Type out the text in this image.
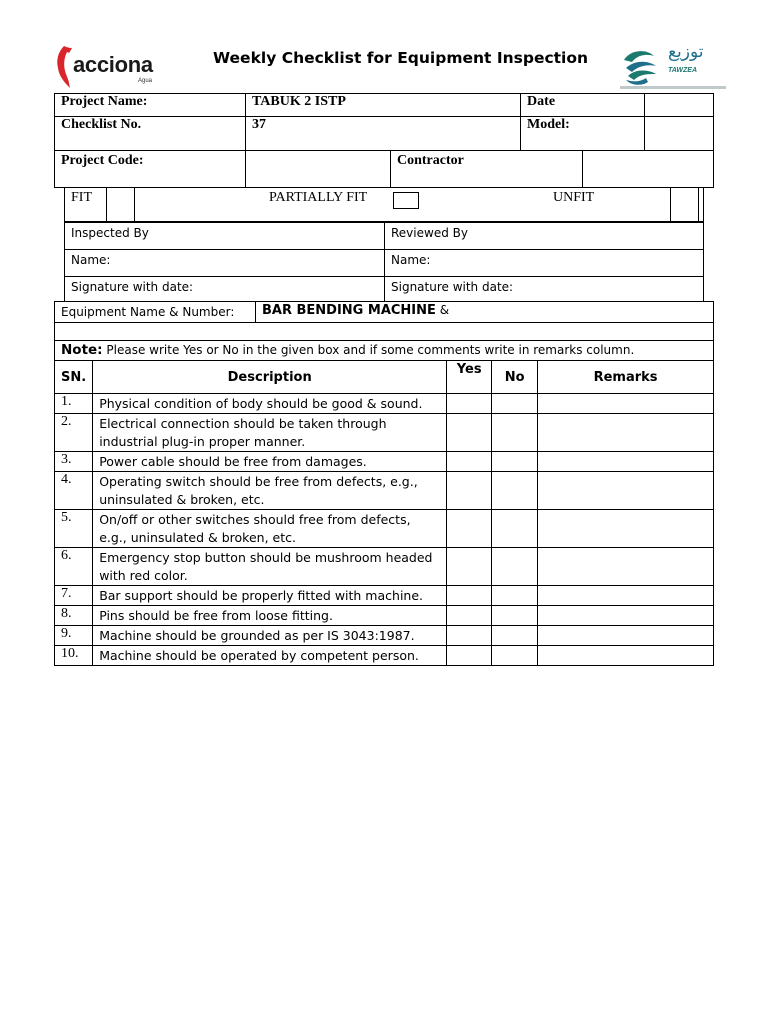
acciona
Agua
Weekly Checklist for Equipment Inspection	توزيع
TAWZEA
Project Name:	TABUK 2 ISTP		Date		
Checklist No.	37		Model:		
Project Code:		Contractor			
FIT		PARTIALLY FIT	UNFIT

Inspected By	Reviewed By
Name:	Name:
Signature with date:	Signature with date:
Equipment Name & Number:	BAR BENDING MACHINE &

Note: Please write Yes or No in the given box and if some comments write in remarks column.
SN.	Description	Yes	No	Remarks
1.	Physical condition of body should be good & sound.			
2.	Electrical connection should be taken through industrial plug-in proper manner.			
3.	Power cable should be free from damages.			
4.	Operating switch should be free from defects, e.g., uninsulated & broken, etc.			
5.	On/off or other switches should free from defects, e.g., uninsulated & broken, etc.			
6.	Emergency stop button should be mushroom headed with red color.			
7.	Bar support should be properly fitted with machine.			
8.	Pins should be free from loose fitting.			
9.	Machine should be grounded as per IS 3043:1987.			
10.	Machine should be operated by competent person.			
